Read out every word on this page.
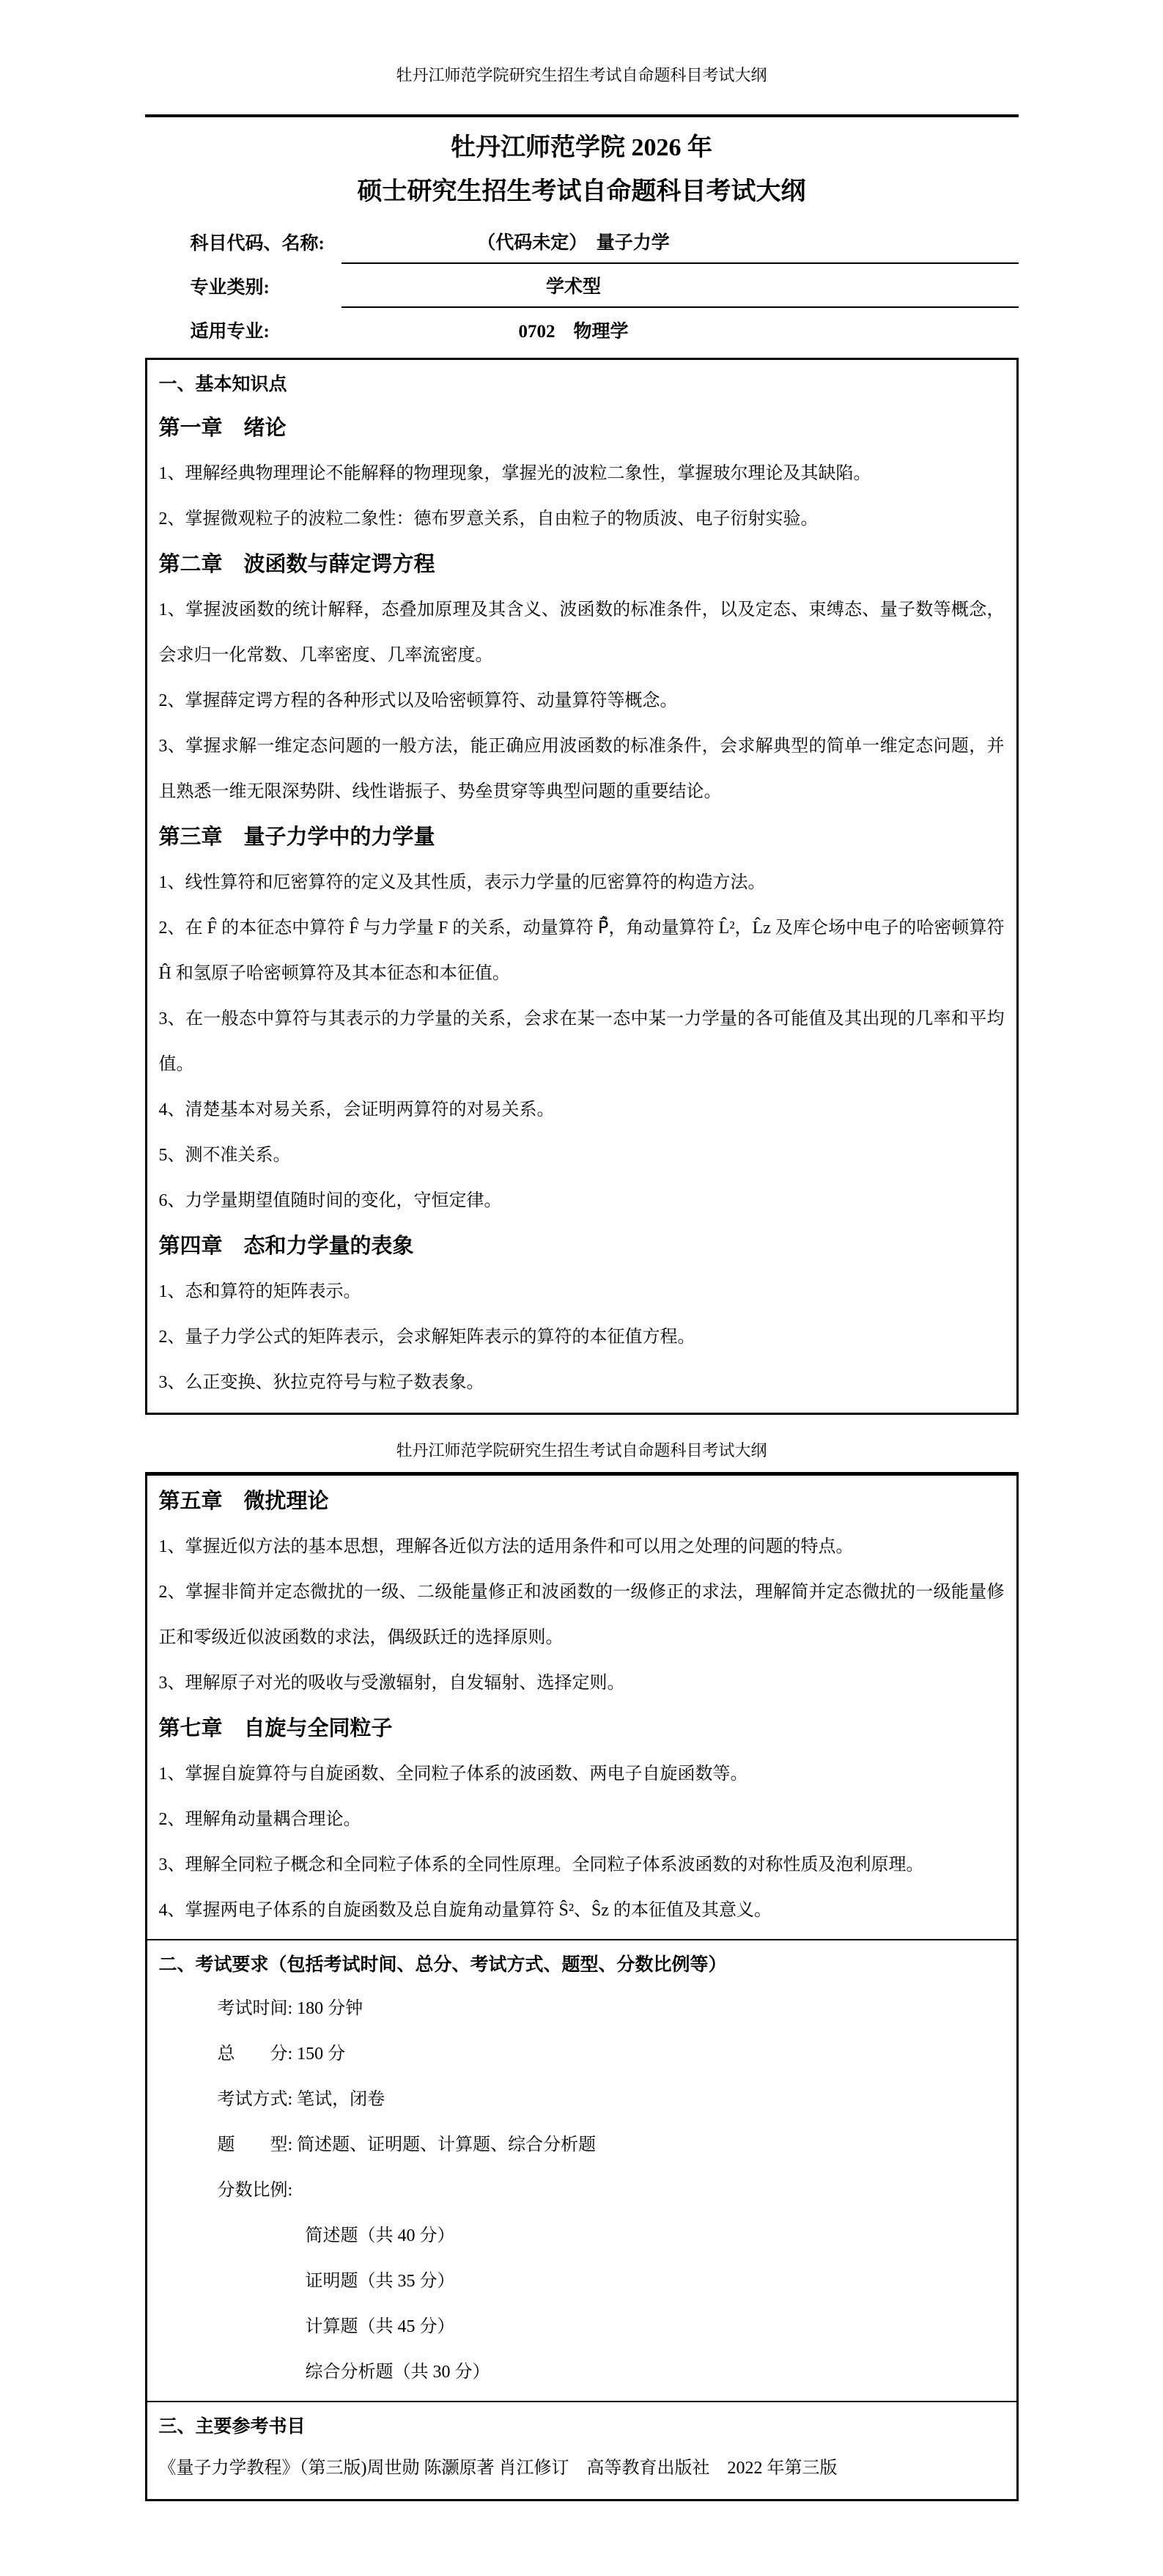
牡丹江师范学院研究生招生考试自命题科目考试大纲
牡丹江师范学院 2026 年
硕士研究生招生考试自命题科目考试大纲
科目代码、名称:	（代码未定）　量子力学
专业类别:	学术型
适用专业:	0702　物理学
一、基本知识点
第一章　绪论

1、理解经典物理理论不能解释的物理现象，掌握光的波粒二象性，掌握玻尔理论及其缺陷。

2、掌握微观粒子的波粒二象性：德布罗意关系，自由粒子的物质波、电子衍射实验。

第二章　波函数与薛定谔方程

1、掌握波函数的统计解释，态叠加原理及其含义、波函数的标准条件，以及定态、束缚态、量子数等概念，会求归一化常数、几率密度、几率流密度。

2、掌握薛定谔方程的各种形式以及哈密顿算符、动量算符等概念。

3、掌握求解一维定态问题的一般方法，能正确应用波函数的标准条件，会求解典型的简单一维定态问题，并且熟悉一维无限深势阱、线性谐振子、势垒贯穿等典型问题的重要结论。

第三章　量子力学中的力学量

1、线性算符和厄密算符的定义及其性质，表示力学量的厄密算符的构造方法。

2、在 F̂ 的本征态中算符 F̂ 与力学量 F 的关系，动量算符 P⃗̂，角动量算符 L̂²，L̂z 及库仑场中电子的哈密顿算符 Ĥ 和氢原子哈密顿算符及其本征态和本征值。

3、在一般态中算符与其表示的力学量的关系，会求在某一态中某一力学量的各可能值及其出现的几率和平均值。

4、清楚基本对易关系，会证明两算符的对易关系。

5、测不准关系。

6、力学量期望值随时间的变化，守恒定律。

第四章　态和力学量的表象

1、态和算符的矩阵表示。

2、量子力学公式的矩阵表示，会求解矩阵表示的算符的本征值方程。

3、么正变换、狄拉克符号与粒子数表象。

牡丹江师范学院研究生招生考试自命题科目考试大纲
第五章　微扰理论

1、掌握近似方法的基本思想，理解各近似方法的适用条件和可以用之处理的问题的特点。

2、掌握非简并定态微扰的一级、二级能量修正和波函数的一级修正的求法，理解简并定态微扰的一级能量修正和零级近似波函数的求法，偶级跃迁的选择原则。

3、理解原子对光的吸收与受激辐射，自发辐射、选择定则。

第七章　自旋与全同粒子

1、掌握自旋算符与自旋函数、全同粒子体系的波函数、两电子自旋函数等。

2、理解角动量耦合理论。

3、理解全同粒子概念和全同粒子体系的全同性原理。全同粒子体系波函数的对称性质及泡利原理。

4、掌握两电子体系的自旋函数及总自旋角动量算符 Ŝ²、Ŝz 的本征值及其意义。

二、考试要求（包括考试时间、总分、考试方式、题型、分数比例等）

考试时间: 180 分钟

总　　分: 150 分

考试方式: 笔试，闭卷

题　　型: 简述题、证明题、计算题、综合分析题

分数比例:

简述题（共 40 分）

证明题（共 35 分）

计算题（共 45 分）

综合分析题（共 30 分）

三、主要参考书目

《量子力学教程》（第三版)周世勋 陈灏原著 肖江修订　高等教育出版社　2022 年第三版
